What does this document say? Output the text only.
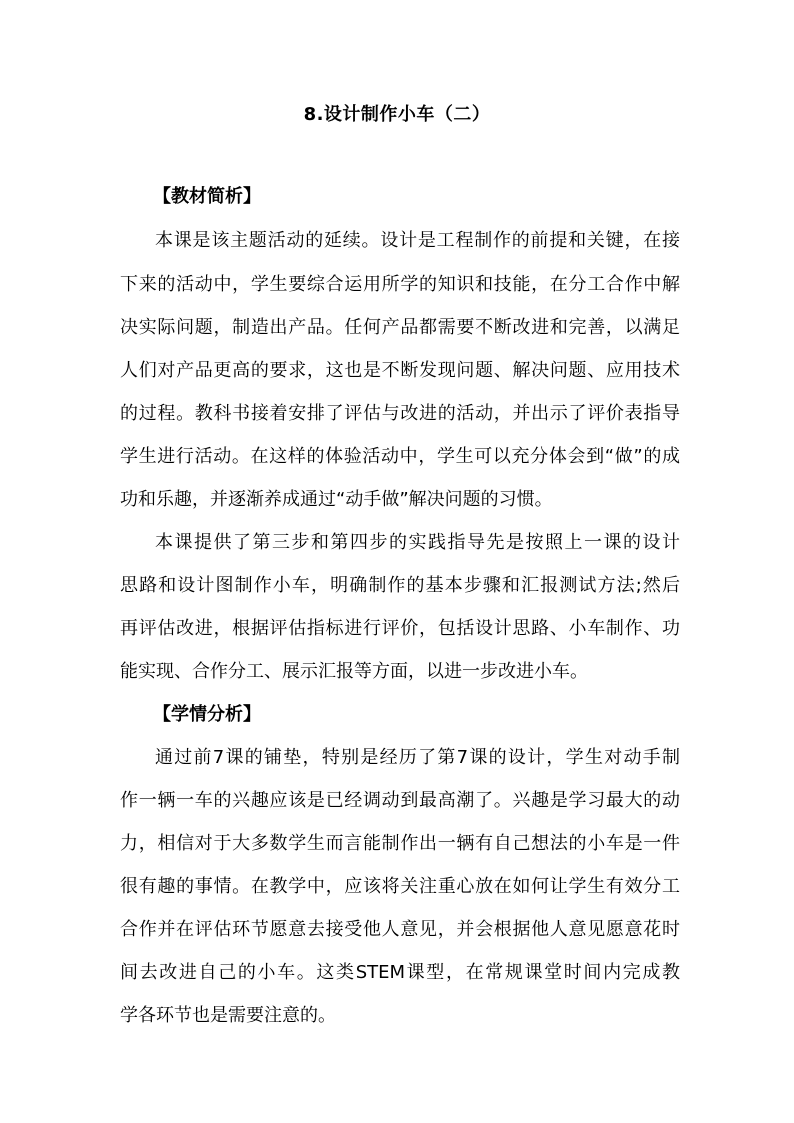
8.设计制作小车（二）
【教材简析】
本课是该主题活动的延续。设计是工程制作的前提和关键，在接
下来的活动中，学生要综合运用所学的知识和技能，在分工合作中解
决实际问题，制造出产品。任何产品都需要不断改进和完善，以满足
人们对产品更高的要求，这也是不断发现问题、解决问题、应用技术
的过程。教科书接着安排了评估与改进的活动，并出示了评价表指导
学生进行活动。在这样的体验活动中，学生可以充分体会到“做”的成
功和乐趣，并逐渐养成通过“动手做”解决问题的习惯。
本课提供了第三步和第四步的实践指导先是按照上一课的设计
思路和设计图制作小车，明确制作的基本步骤和汇报测试方法;然后
再评估改进，根据评估指标进行评价，包括设计思路、小车制作、功
能实现、合作分工、展示汇报等方面，以进一步改进小车。
【学情分析】
通过前7课的铺垫，特别是经历了第7课的设计，学生对动手制
作一辆一车的兴趣应该是已经调动到最高潮了。兴趣是学习最大的动
力，相信对于大多数学生而言能制作出一辆有自己想法的小车是一件
很有趣的事情。在教学中，应该将关注重心放在如何让学生有效分工
合作并在评估环节愿意去接受他人意见，并会根据他人意见愿意花时
间去改进自己的小车。这类STEM课型，在常规课堂时间内完成教
学各环节也是需要注意的。
